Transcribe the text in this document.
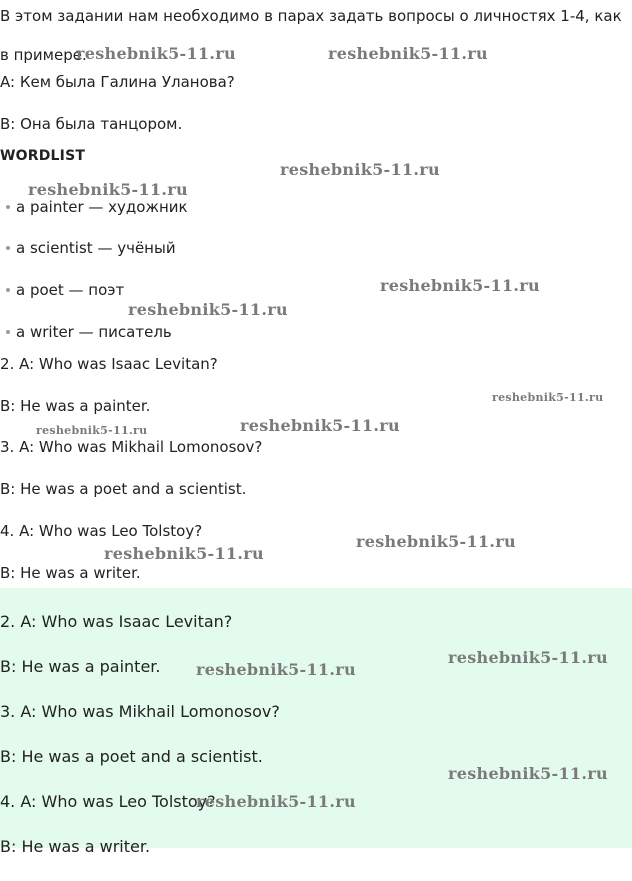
В этом задании нам необходимо в парах задать вопросы о личностях 1-4, как в примере.

A: Кем была Галина Уланова?

B: Она была танцором.

WORDLIST

a painter — художник
a scientist — учёный
a poet — поэт
a writer — писатель

2. A: Who was Isaac Levitan?

B: He was a painter.

3. A: Who was Mikhail Lomonosov?

B: He was a poet and a scientist.

4. A: Who was Leo Tolstoy?

B: He was a writer.

2. A: Who was Isaac Levitan?

B: He was a painter.

3. A: Who was Mikhail Lomonosov?

B: He was a poet and a scientist.

4. A: Who was Leo Tolstoy?

B: He was a writer.

reshebnik5-11.ru	reshebnik5-11.ru
reshebnik5-11.ru
reshebnik5-11.ru
reshebnik5-11.ru
reshebnik5-11.ru
reshebnik5-11.ru
reshebnik5-11.ru
reshebnik5-11.ru
reshebnik5-11.ru
reshebnik5-11.ru
reshebnik5-11.ru
reshebnik5-11.ru
reshebnik5-11.ru
reshebnik5-11.ru
